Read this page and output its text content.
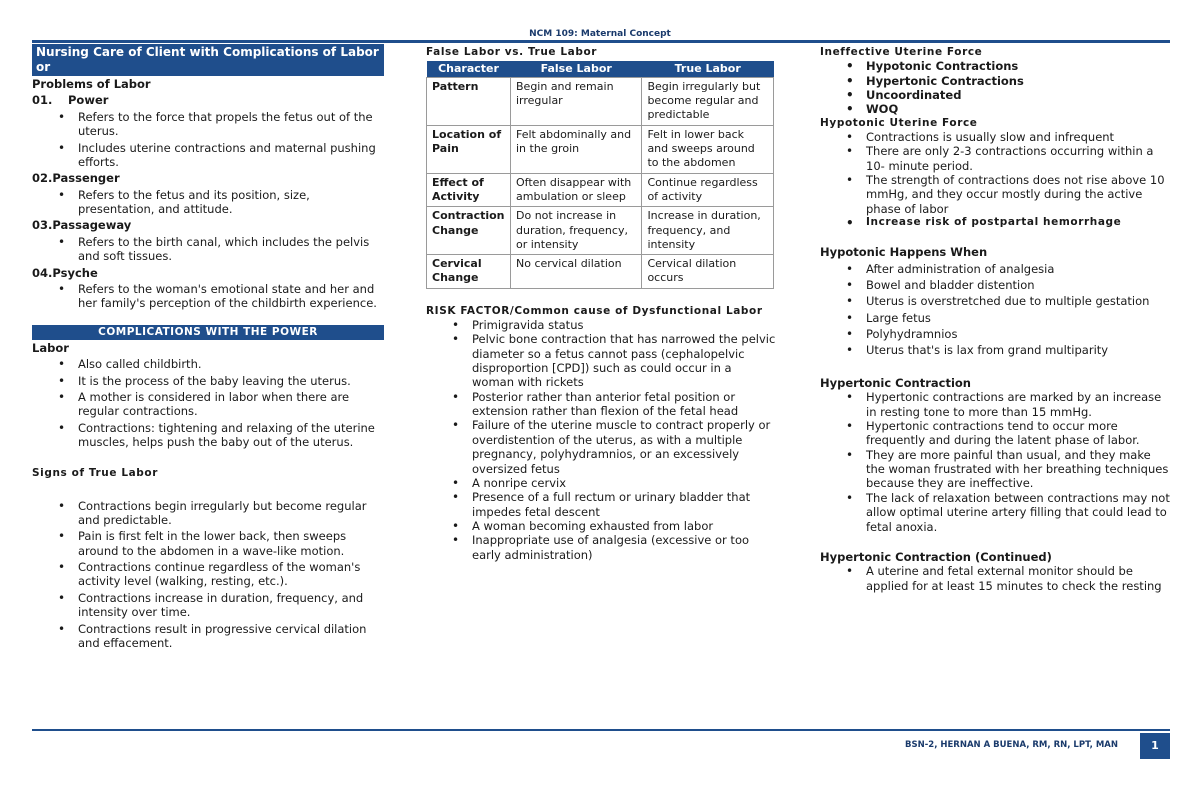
NCM 109: Maternal Concept
Nursing Care of Client with Complications of Labor or
Problems of Labor
01. Power
• Refers to the force that propels the fetus out of the uterus.
• Includes uterine contractions and maternal pushing efforts.
02.Passenger
• Refers to the fetus and its position, size, presentation, and attitude.
03.Passageway
• Refers to the birth canal, which includes the pelvis and soft tissues.
04.Psyche
• Refers to the woman's emotional state and her and her family's perception of the childbirth experience.
COMPLICATIONS WITH THE POWER
Labor
• Also called childbirth.
• It is the process of the baby leaving the uterus.
• A mother is considered in labor when there are regular contractions.
• Contractions: tightening and relaxing of the uterine muscles, helps push the baby out of the uterus.
Signs of True Labor
• Contractions begin irregularly but become regular and predictable.
• Pain is first felt in the lower back, then sweeps around to the abdomen in a wave-like motion.
• Contractions continue regardless of the woman's activity level (walking, resting, etc.).
• Contractions increase in duration, frequency, and intensity over time.
• Contractions result in progressive cervical dilation and effacement.
False Labor vs. True Labor
Character	False Labor	True Labor
Pattern	Begin and remain irregular	Begin irregularly but become regular and predictable
Location of Pain	Felt abdominally and in the groin	Felt in lower back and sweeps around to the abdomen
Effect of Activity	Often disappear with ambulation or sleep	Continue regardless of activity
Contraction Change	Do not increase in duration, frequency, or intensity	Increase in duration, frequency, and intensity
Cervical Change	No cervical dilation	Cervical dilation occurs
RISK FACTOR/Common cause of Dysfunctional Labor
• Primigravida status
• Pelvic bone contraction that has narrowed the pelvic diameter so a fetus cannot pass (cephalopelvic disproportion [CPD]) such as could occur in a woman with rickets
• Posterior rather than anterior fetal position or extension rather than flexion of the fetal head
• Failure of the uterine muscle to contract properly or overdistention of the uterus, as with a multiple pregnancy, polyhydramnios, or an excessively oversized fetus
• A nonripe cervix
• Presence of a full rectum or urinary bladder that impedes fetal descent
• A woman becoming exhausted from labor
• Inappropriate use of analgesia (excessive or too early administration)
Ineffective Uterine Force
• Hypotonic Contractions
• Hypertonic Contractions
• Uncoordinated
• WOQ
Hypotonic Uterine Force
• Contractions is usually slow and infrequent
• There are only 2-3 contractions occurring within a 10- minute period.
• The strength of contractions does not rise above 10 mmHg, and they occur mostly during the active phase of labor
• Increase risk of postpartal hemorrhage
Hypotonic Happens When
• After administration of analgesia
• Bowel and bladder distention
• Uterus is overstretched due to multiple gestation
• Large fetus
• Polyhydramnios
• Uterus that's is lax from grand multiparity
Hypertonic Contraction
• Hypertonic contractions are marked by an increase in resting tone to more than 15 mmHg.
• Hypertonic contractions tend to occur more frequently and during the latent phase of labor.
• They are more painful than usual, and they make the woman frustrated with her breathing techniques because they are ineffective.
• The lack of relaxation between contractions may not allow optimal uterine artery filling that could lead to fetal anoxia.
Hypertonic Contraction (Continued)
• A uterine and fetal external monitor should be applied for at least 15 minutes to check the resting
BSN-2, HERNAN A BUENA, RM, RN, LPT, MAN	1
